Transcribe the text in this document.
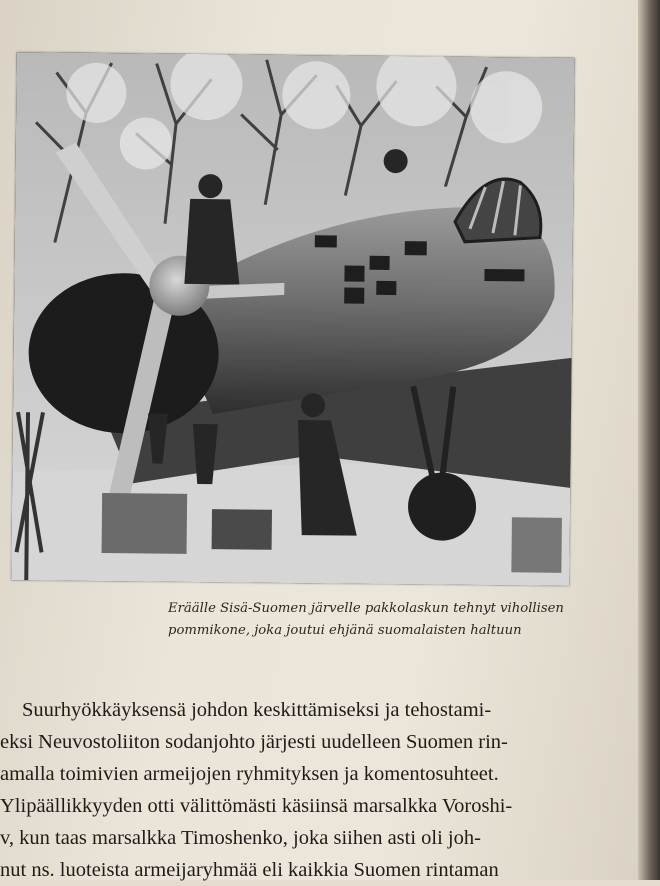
Eräälle Sisä-Suomen järvelle pakkolaskun tehnyt vihollisen
pommikone, joka joutui ehjänä suomalaisten haltuun

Suurhyökkäyksensä johdon keskittämiseksi ja tehostami-
eksi Neuvostoliiton sodanjohto järjesti uudelleen Suomen rin-
amalla toimivien armeijojen ryhmityksen ja komentosuhteet.
Ylipäällikkyyden otti välittömästi käsiinsä marsalkka Voroshi-
v, kun taas marsalkka Timoshenko, joka siihen asti oli joh-
nut ns. luoteista armeijaryhmää eli kaikkia Suomen rintaman
